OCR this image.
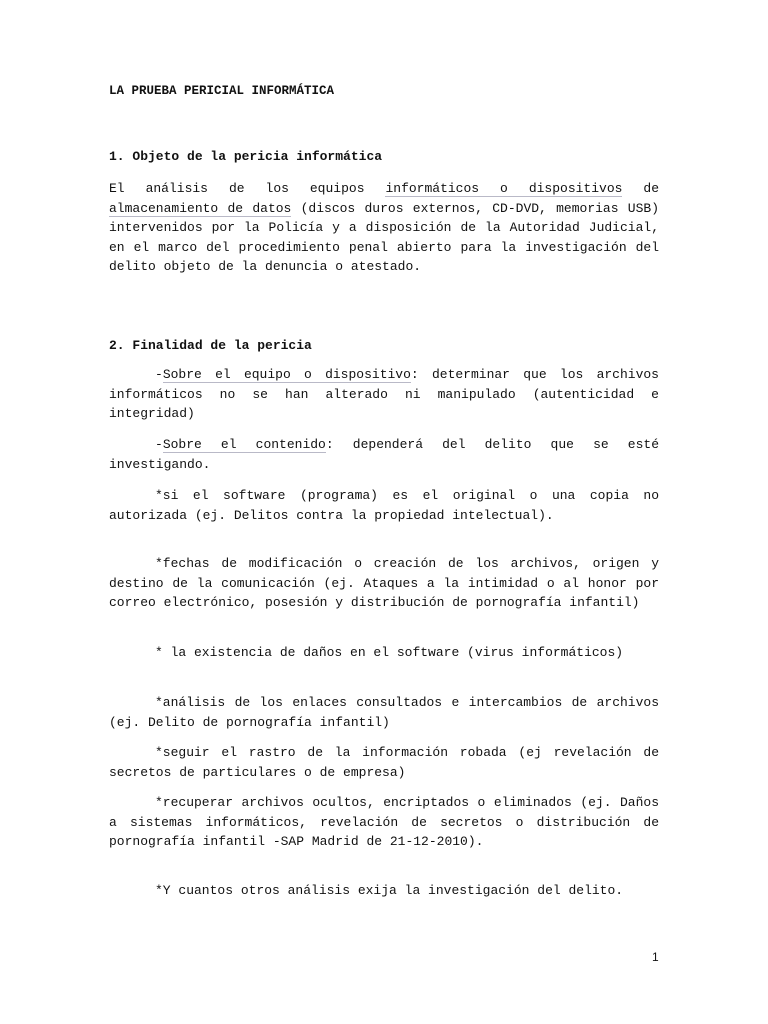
LA PRUEBA PERICIAL INFORMÁTICA
1. Objeto de la pericia informática

El análisis de los equipos informáticos o dispositivos de almacenamiento de datos (discos duros externos, CD-DVD, memorias USB) intervenidos por la Policía y a disposición de la Autoridad Judicial, en el marco del procedimiento penal abierto para la investigación del delito objeto de la denuncia o atestado.

2. Finalidad de la pericia

-Sobre el equipo o dispositivo: determinar que los archivos informáticos no se han alterado ni manipulado (autenticidad e integridad)

-Sobre el contenido: dependerá del delito que se esté investigando.

*si el software (programa) es el original o una copia no autorizada (ej. Delitos contra la propiedad intelectual).

*fechas de modificación o creación de los archivos, origen y destino de la comunicación (ej. Ataques a la intimidad o al honor por correo electrónico, posesión y distribución de pornografía infantil)

* la existencia de daños en el software (virus informáticos)

*análisis de los enlaces consultados e intercambios de archivos (ej. Delito de pornografía infantil)

*seguir el rastro de la información robada (ej revelación de secretos de particulares o de empresa)

*recuperar archivos ocultos, encriptados o eliminados (ej. Daños a sistemas informáticos, revelación de secretos o distribución de pornografía infantil -SAP Madrid de 21-12-2010).

*Y cuantos otros análisis exija la investigación del delito.

1
